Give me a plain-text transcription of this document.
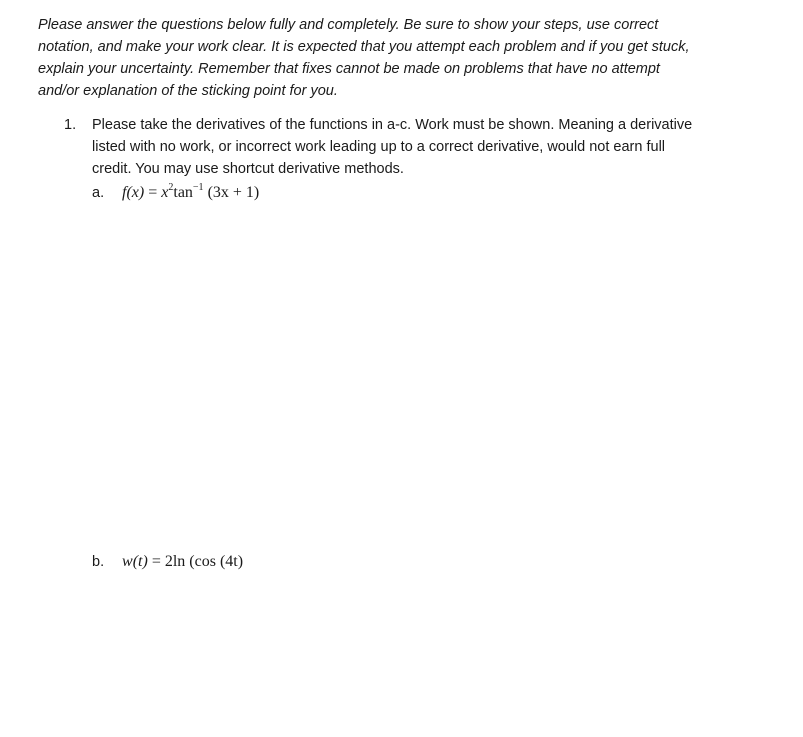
Please answer the questions below fully and completely. Be sure to show your steps, use correct
notation, and make your work clear. It is expected that you attempt each problem and if you get stuck,
explain your uncertainty. Remember that fixes cannot be made on problems that have no attempt
and/or explanation of the sticking point for you.
1. Please take the derivatives of the functions in a-c. Work must be shown. Meaning a derivative
listed with no work, or incorrect work leading up to a correct derivative, would not earn full
credit. You may use shortcut derivative methods.
a. $f(x) = x^2\tan^{-1}$ (3x + 1)
b. w(t) = 2ln (cos (4t)
